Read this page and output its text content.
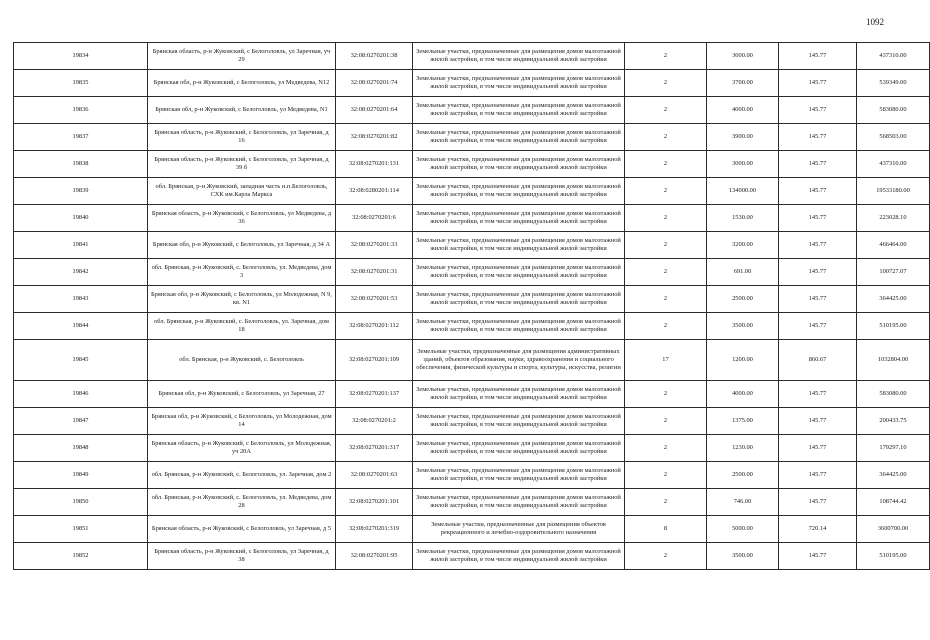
1092
19834	Брянская область, р-н Жуковский, с Белоголовль, ул Заречная, уч 29	32:08:0270201:38	Земельные участки, предназначенные для размещения домов малоэтажной жилой застройки, в том числе индивидуальной жилой застройки	2	3000.00	145.77	437310.00
19835	Брянская обл, р-н Жуковский, с Белоголовль, ул Медведева, N12	32:08:0270201:74	Земельные участки, предназначенные для размещения домов малоэтажной жилой застройки, в том числе индивидуальной жилой застройки	2	3700.00	145.77	539349.00
19836	Брянская обл, р-н Жуковский, с Белоголовль, ул Медведева, N1	32:08:0270201:64	Земельные участки, предназначенные для размещения домов малоэтажной жилой застройки, в том числе индивидуальной жилой застройки	2	4000.00	145.77	583080.00
19837	Брянская область, р-н Жуковский, с Белоголовль, ул Заречная, д 16	32:08:0270201:82	Земельные участки, предназначенные для размещения домов малоэтажной жилой застройки, в том числе индивидуальной жилой застройки	2	3900.00	145.77	568503.00
19838	Брянская область, р-н Жуковский, с Белоголовль, ул Заречная, д 39 б	32:08:0270201:131	Земельные участки, предназначенные для размещения домов малоэтажной жилой застройки, в том числе индивидуальной жилой застройки	2	3000.00	145.77	437310.00
19839	обл. Брянская, р-н Жуковский, западная часть н.п.Белоголовль, СХК им.Карла Маркса	32:08:0280201:114	Земельные участки, предназначенные для размещения домов малоэтажной жилой застройки, в том числе индивидуальной жилой застройки	2	134000.00	145.77	19533180.00
19840	Брянская область, р-н Жуковский, с Белоголовль, ул Медведева, д 36	32:08:0270201:6	Земельные участки, предназначенные для размещения домов малоэтажной жилой застройки, в том числе индивидуальной жилой застройки	2	1530.00	145.77	223028.10
19841	Брянская обл, р-н Жуковский, с Белоголовль, ул Заречная, д 34 А	32:08:0270201:33	Земельные участки, предназначенные для размещения домов малоэтажной жилой застройки, в том числе индивидуальной жилой застройки	2	3200.00	145.77	466464.00
19842	обл. Брянская, р-н Жуковский, с. Белоголовль, ул. Медведева, дом 3	32:08:0270201:31	Земельные участки, предназначенные для размещения домов малоэтажной жилой застройки, в том числе индивидуальной жилой застройки	2	691.00	145.77	100727.07
19843	Брянская обл, р-н Жуковский, с Белоголовль, ул Молодежная, N 9, кв. N1	32:08:0270201:53	Земельные участки, предназначенные для размещения домов малоэтажной жилой застройки, в том числе индивидуальной жилой застройки	2	2500.00	145.77	364425.00
19844	обл. Брянская, р-н Жуковский, с. Белоголовль, ул. Заречная, дом 18	32:08:0270201:112	Земельные участки, предназначенные для размещения домов малоэтажной жилой застройки, в том числе индивидуальной жилой застройки	2	3500.00	145.77	510195.00
19845	обл. Брянская, р-н Жуковский, с. Белоголовль	32:08:0270201:109	Земельные участки, предназначенные для размещения административных зданий, объектов образования, науки, здравоохранения и социального обеспечения, физической культуры и спорта, культуры, искусства, религии	17	1200.00	860.67	1032804.00
19846	Брянская обл, р-н Жуковский, с Белоголовль, ул Заречная, 27	32:08:0270201:137	Земельные участки, предназначенные для размещения домов малоэтажной жилой застройки, в том числе индивидуальной жилой застройки	2	4000.00	145.77	583080.00
19847	Брянская обл, р-н Жуковский, с Белоголовль, ул Молодежная, дом 14	32:08:0270201:2	Земельные участки, предназначенные для размещения домов малоэтажной жилой застройки, в том числе индивидуальной жилой застройки	2	1375.00	145.77	200433.75
19848	Брянская область, р-н Жуковский, с Белоголовль, ул Молодежная, уч 20А	32:08:0270201:317	Земельные участки, предназначенные для размещения домов малоэтажной жилой застройки, в том числе индивидуальной жилой застройки	2	1230.00	145.77	179297.10
19849	обл. Брянская, р-н Жуковский, с. Белоголовль, ул. Заречная, дом 2	32:08:0270201:63	Земельные участки, предназначенные для размещения домов малоэтажной жилой застройки, в том числе индивидуальной жилой застройки	2	2500.00	145.77	364425.00
19850	обл. Брянская, р-н Жуковский, с. Белоголовль, ул. Медведева, дом 28	32:08:0270201:101	Земельные участки, предназначенные для размещения домов малоэтажной жилой застройки, в том числе индивидуальной жилой застройки	2	746.00	145.77	108744.42
19851	Брянская область, р-н Жуковский, с Белоголовль, ул Заречная, д 5	32:08:0270201:319	Земельные участки, предназначенные для размещения объектов рекреационного и лечебно-оздоровительного назначения	8	5000.00	720.14	3600700.00
19852	Брянская область, р-н Жуковский, с Белоголовль, ул Заречная, д 38	32:08:0270201:95	Земельные участки, предназначенные для размещения домов малоэтажной жилой застройки, в том числе индивидуальной жилой застройки	2	3500.00	145.77	510195.00
